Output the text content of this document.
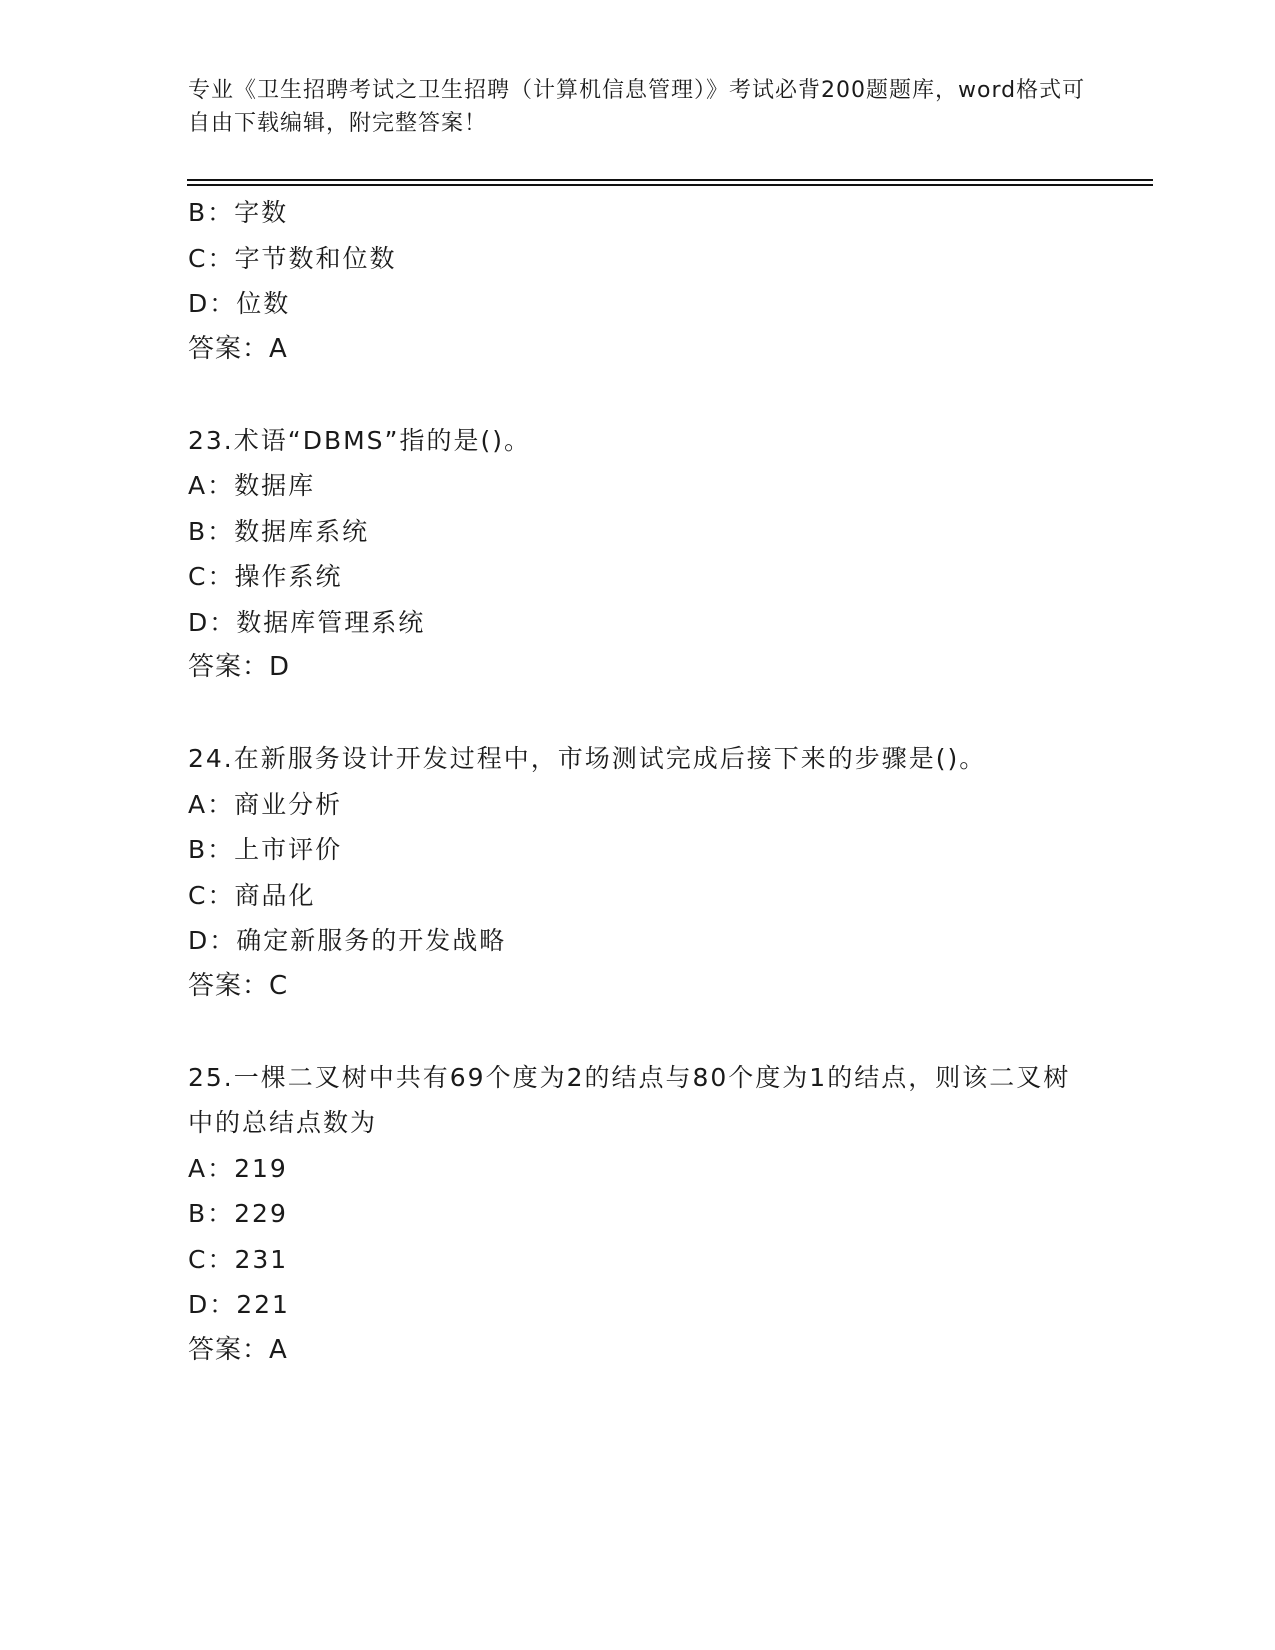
专业《卫生招聘考试之卫生招聘（计算机信息管理）》考试必背200题题库，word格式可自由下载编辑，附完整答案！
B：字数
C：字节数和位数
D：位数
答案：A
23.术语“DBMS”指的是()。
A：数据库
B：数据库系统
C：操作系统
D：数据库管理系统
答案：D
24.在新服务设计开发过程中，市场测试完成后接下来的步骤是()。
A：商业分析
B：上市评价
C：商品化
D：确定新服务的开发战略
答案：C
25.一棵二叉树中共有69个度为2的结点与80个度为1的结点，则该二叉树中的总结点数为
A：219
B：229
C：231
D：221
答案：A
